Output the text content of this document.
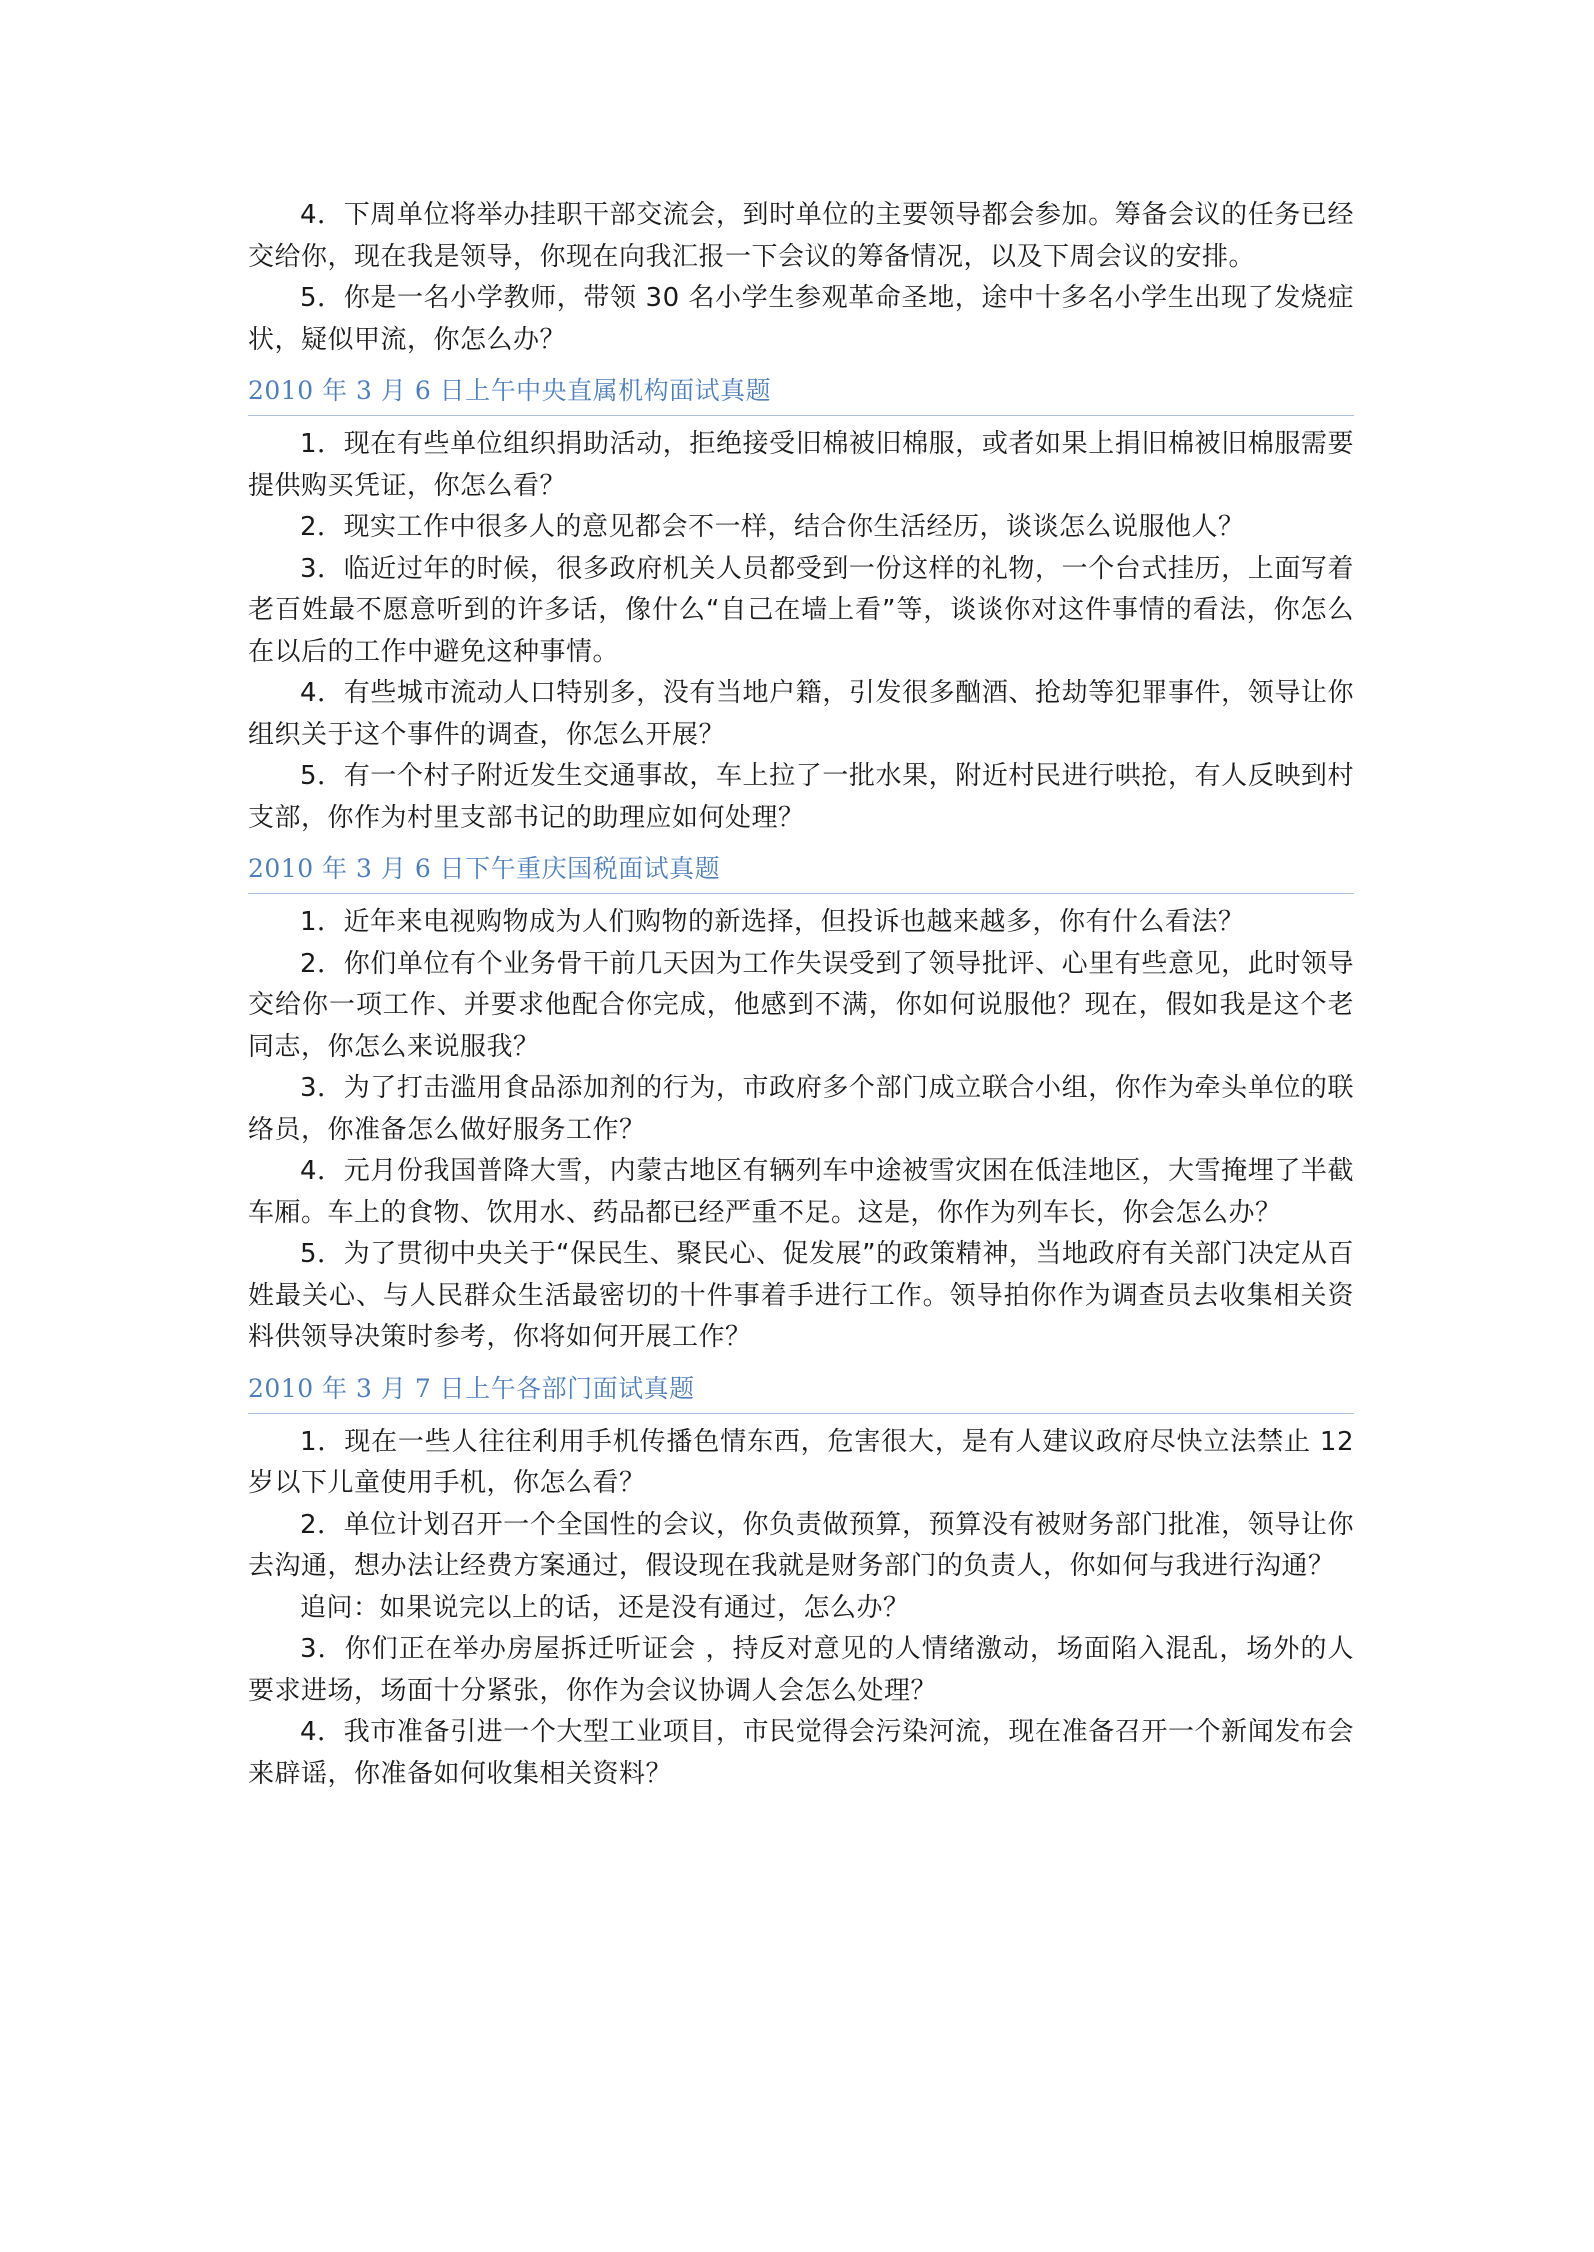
4．下周单位将举办挂职干部交流会，到时单位的主要领导都会参加。筹备会议的任务已经交给你，现在我是领导，你现在向我汇报一下会议的筹备情况，以及下周会议的安排。

5．你是一名小学教师，带领 30 名小学生参观革命圣地，途中十多名小学生出现了发烧症状，疑似甲流，你怎么办？

2010 年 3 月 6 日上午中央直属机构面试真题

1．现在有些单位组织捐助活动，拒绝接受旧棉被旧棉服，或者如果上捐旧棉被旧棉服需要提供购买凭证，你怎么看？

2．现实工作中很多人的意见都会不一样，结合你生活经历，谈谈怎么说服他人？

3．临近过年的时候，很多政府机关人员都受到一份这样的礼物，一个台式挂历，上面写着老百姓最不愿意听到的许多话，像什么“自己在墙上看”等，谈谈你对这件事情的看法，你怎么在以后的工作中避免这种事情。

4．有些城市流动人口特别多，没有当地户籍，引发很多酗酒、抢劫等犯罪事件，领导让你组织关于这个事件的调查，你怎么开展？

5．有一个村子附近发生交通事故，车上拉了一批水果，附近村民进行哄抢，有人反映到村支部，你作为村里支部书记的助理应如何处理？

2010 年 3 月 6 日下午重庆国税面试真题

1．近年来电视购物成为人们购物的新选择，但投诉也越来越多，你有什么看法？

2．你们单位有个业务骨干前几天因为工作失误受到了领导批评、心里有些意见，此时领导交给你一项工作、并要求他配合你完成，他感到不满，你如何说服他？现在，假如我是这个老同志，你怎么来说服我？

3．为了打击滥用食品添加剂的行为，市政府多个部门成立联合小组，你作为牵头单位的联络员，你准备怎么做好服务工作？

4．元月份我国普降大雪，内蒙古地区有辆列车中途被雪灾困在低洼地区，大雪掩埋了半截车厢。车上的食物、饮用水、药品都已经严重不足。这是，你作为列车长，你会怎么办？

5．为了贯彻中央关于“保民生、聚民心、促发展”的政策精神，当地政府有关部门决定从百姓最关心、与人民群众生活最密切的十件事着手进行工作。领导拍你作为调查员去收集相关资料供领导决策时参考，你将如何开展工作？

2010 年 3 月 7 日上午各部门面试真题

1．现在一些人往往利用手机传播色情东西，危害很大，是有人建议政府尽快立法禁止 12 岁以下儿童使用手机，你怎么看？

2．单位计划召开一个全国性的会议，你负责做预算，预算没有被财务部门批准，领导让你去沟通，想办法让经费方案通过，假设现在我就是财务部门的负责人，你如何与我进行沟通？

追问：如果说完以上的话，还是没有通过，怎么办？

3．你们正在举办房屋拆迁听证会 ，持反对意见的人情绪激动，场面陷入混乱，场外的人要求进场，场面十分紧张，你作为会议协调人会怎么处理？

4．我市准备引进一个大型工业项目，市民觉得会污染河流，现在准备召开一个新闻发布会来辟谣，你准备如何收集相关资料？
